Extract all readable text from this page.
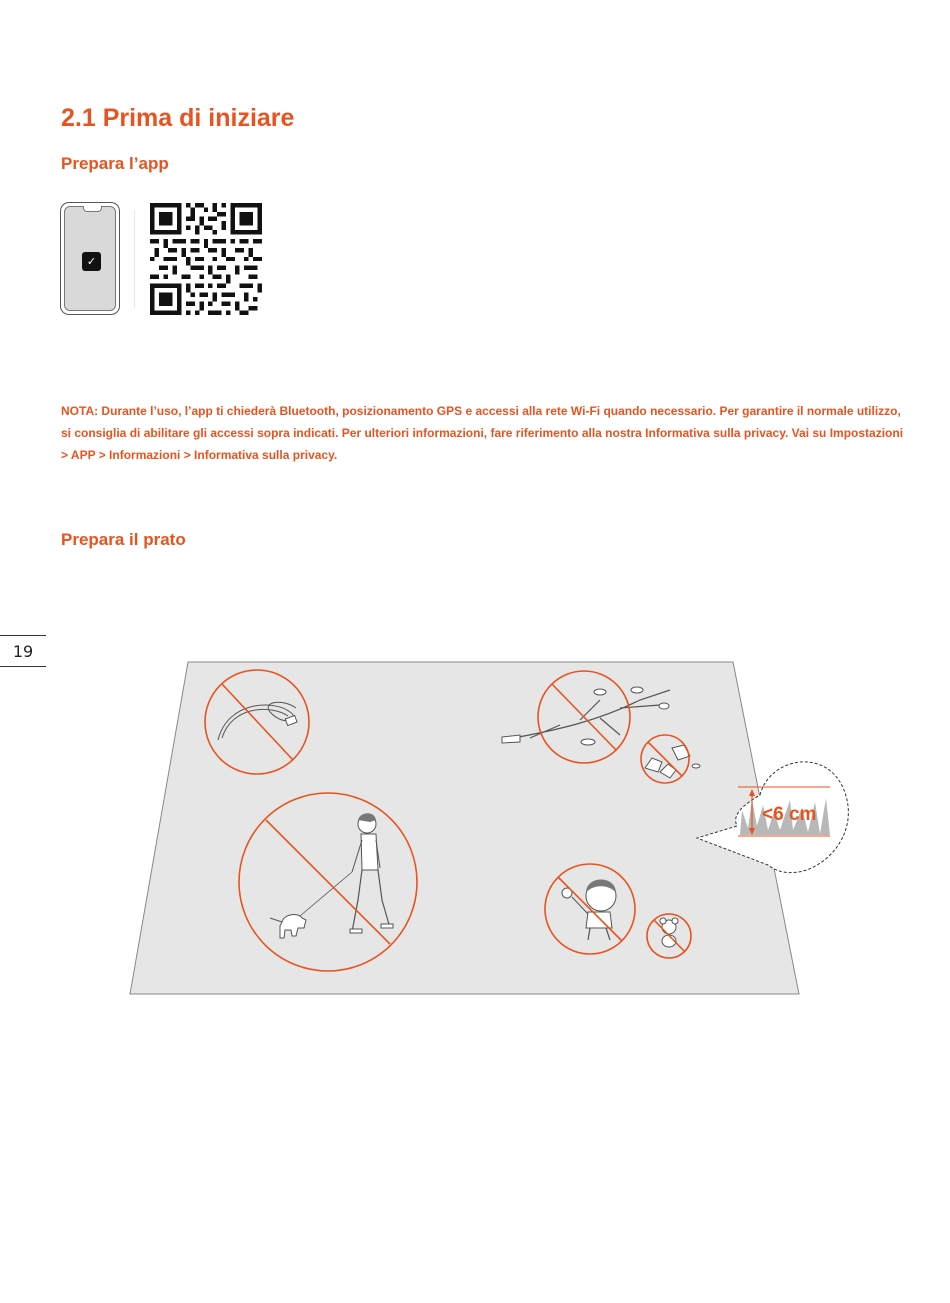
2.1 Prima di iniziare
Prepara l’app
✓

NOTA: Durante l’uso, l’app ti chiederà Bluetooth, posizionamento GPS e accessi alla rete Wi-Fi quando necessario. Per garantire il normale utilizzo, si consiglia di abilitare gli accessi sopra indicati. Per ulteriori informazioni, fare riferimento alla nostra Informativa sulla privacy. Vai su Impostazioni > APP > Informazioni > Informativa sulla privacy.

Prepara il prato
19
<6 cm
